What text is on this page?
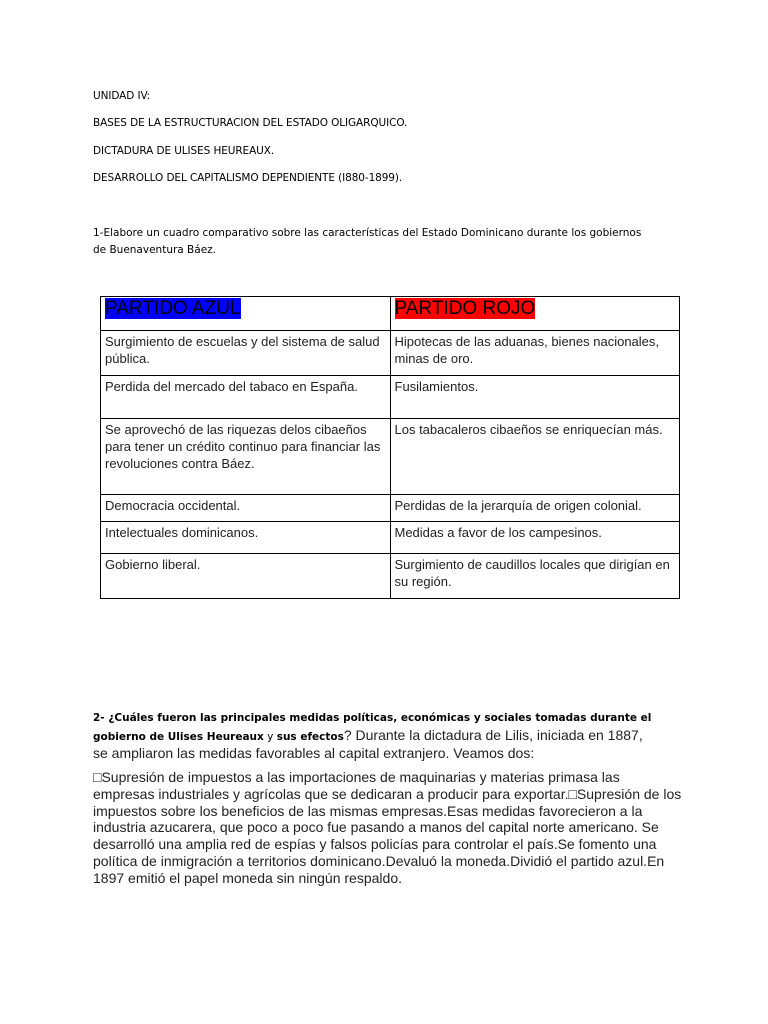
UNIDAD IV:
BASES DE LA ESTRUCTURACION DEL ESTADO OLIGARQUICO.
DICTADURA DE ULISES HEUREAUX.
DESARROLLO DEL CAPITALISMO DEPENDIENTE (I880-1899).
1-Elabore un cuadro comparativo sobre las características del Estado Dominicano durante los gobiernos de Buenaventura Báez.
PARTIDO AZUL	PARTIDO ROJO
Surgimiento de escuelas y del sistema de salud pública.	Hipotecas de las aduanas, bienes nacionales, minas de oro.
Perdida del mercado del tabaco en España.	Fusilamientos.
Se aprovechó de las riquezas delos cibaeños para tener un crédito continuo para financiar las revoluciones contra Báez.	Los tabacaleros cibaeños se enriquecían más.
Democracia occidental.	Perdidas de la jerarquía de origen colonial.
Intelectuales dominicanos.	Medidas a favor de los campesinos.
Gobierno liberal.	Surgimiento de caudillos locales que dirigían en su región.
2- ¿Cuáles fueron las principales medidas políticas, económicas y sociales tomadas durante el gobierno de Ulises Heureaux y sus efectos? Durante la dictadura de Lilis, iniciada en 1887, se ampliaron las medidas favorables al capital extranjero. Veamos dos:
□Supresión de impuestos a las importaciones de maquinarias y materias primasa las empresas industriales y agrícolas que se dedicaran a producir para exportar.□Supresión de los impuestos sobre los beneficios de las mismas empresas.Esas medidas favorecieron a la industria azucarera, que poco a poco fue pasando a manos del capital norte americano. Se desarrolló una amplia red de espías y falsos policías para controlar el país.Se fomento una política de inmigración a territorios dominicano.Devaluó la moneda.Dividió el partido azul.En 1897 emitió el papel moneda sin ningún respaldo.
